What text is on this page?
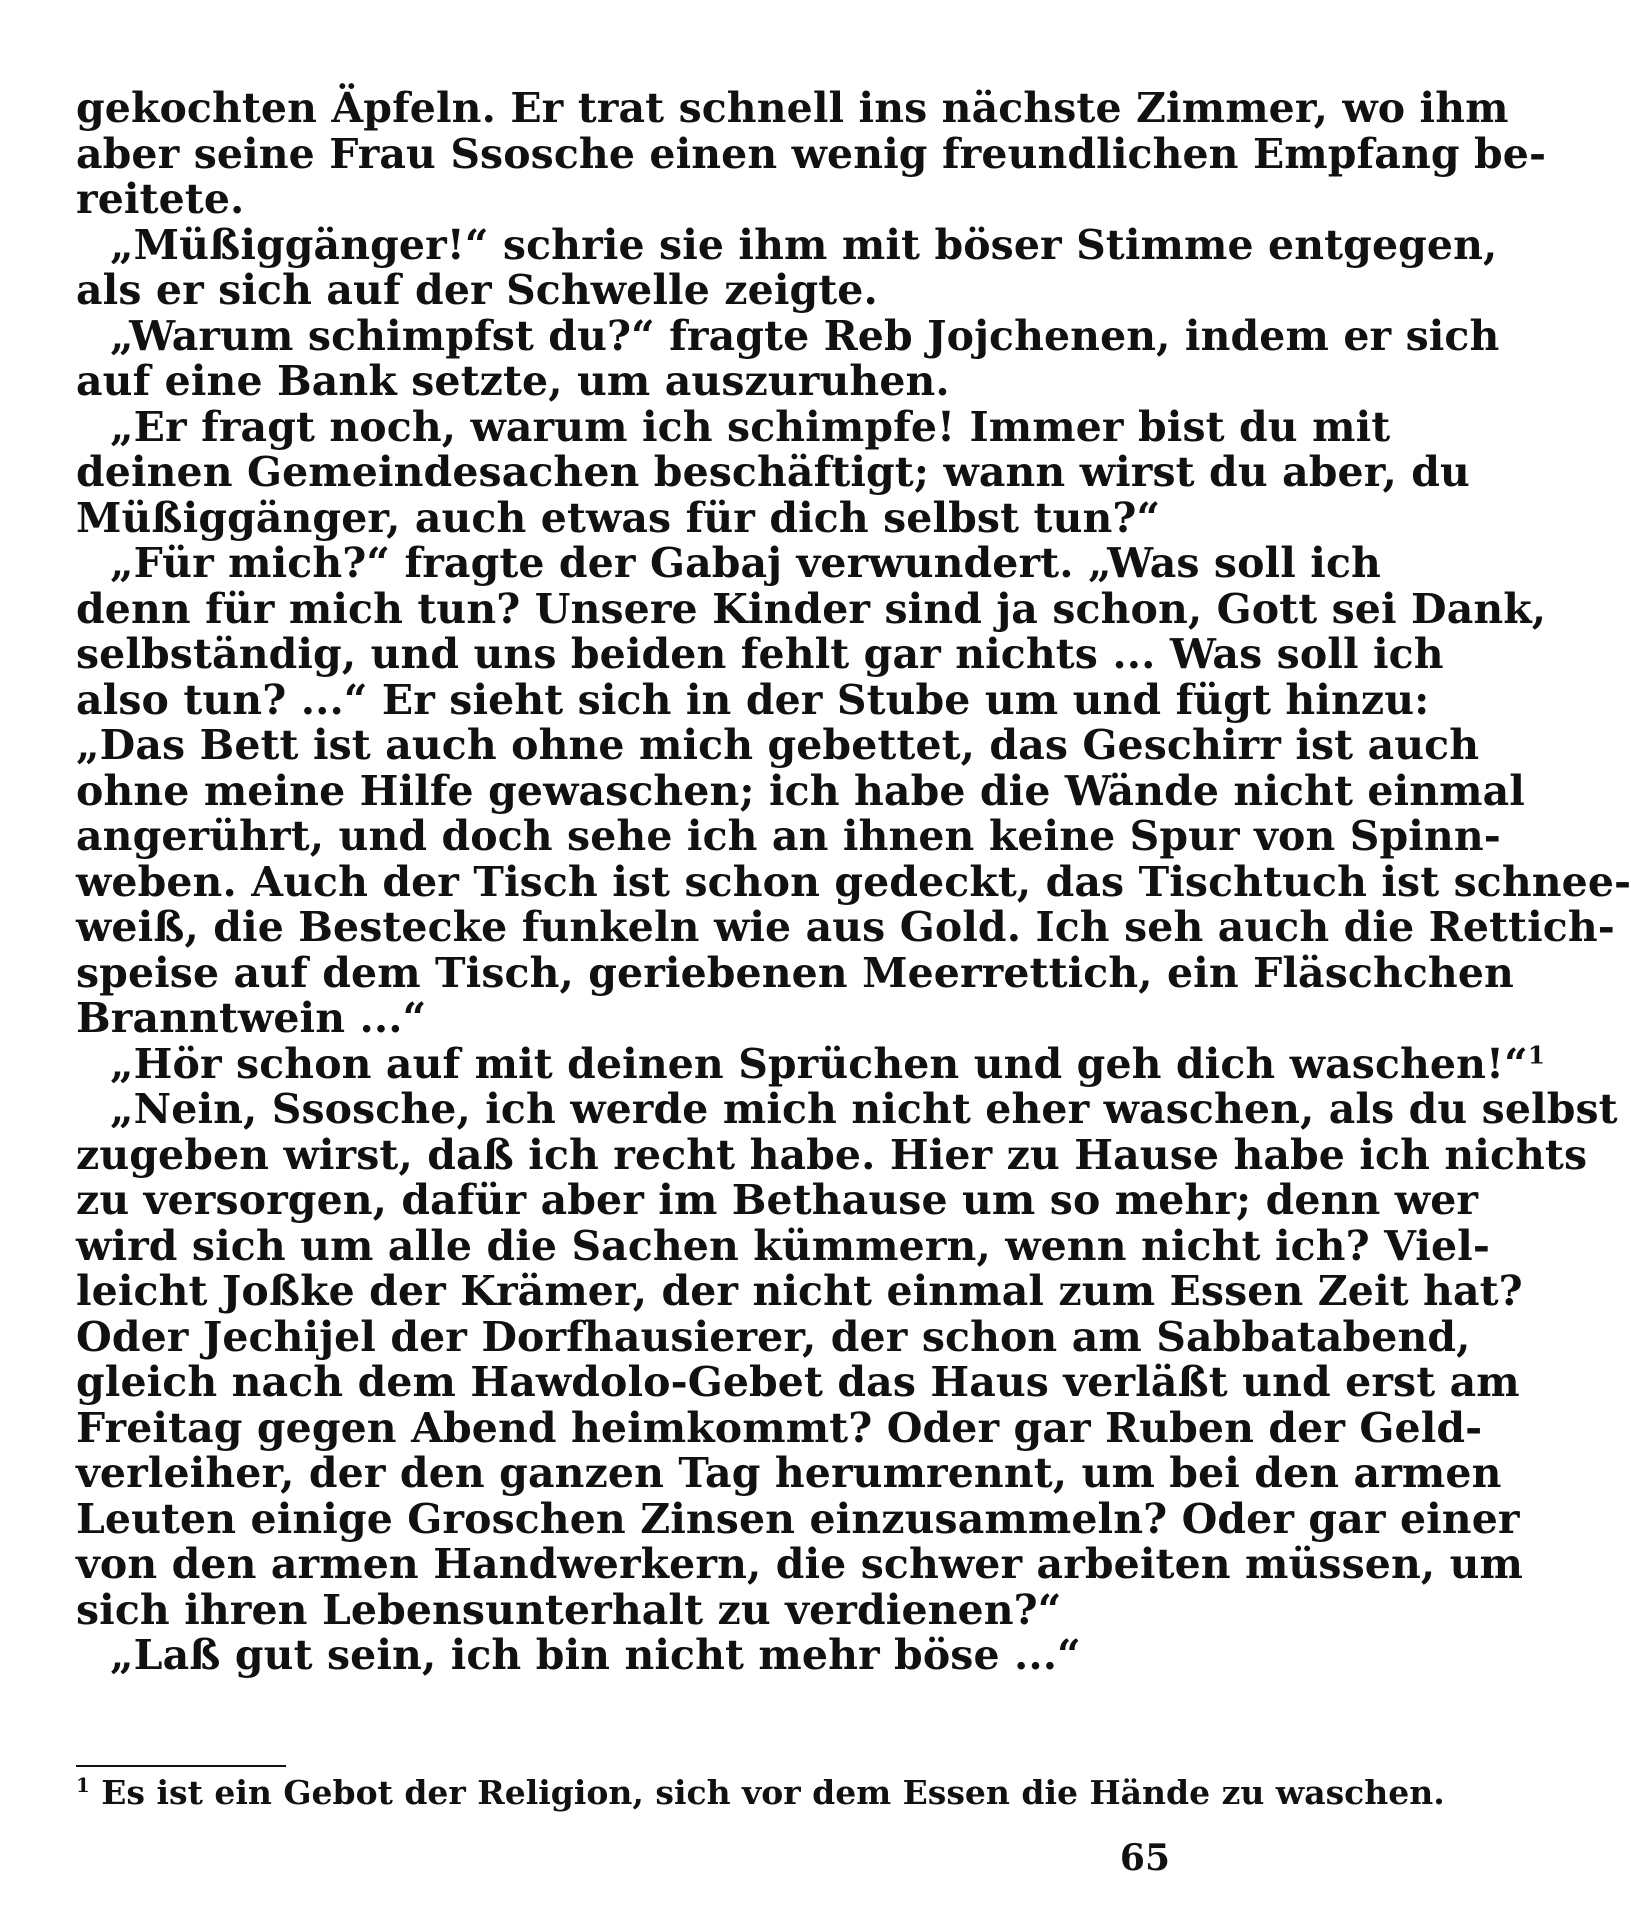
gekochten Äpfeln. Er trat schnell ins nächste Zimmer, wo ihm
aber seine Frau Ssosche einen wenig freundlichen Empfang be-
reitete.
„Müßiggänger!“ schrie sie ihm mit böser Stimme entgegen,
als er sich auf der Schwelle zeigte.
„Warum schimpfst du?“ fragte Reb Jojchenen, indem er sich
auf eine Bank setzte, um auszuruhen.
„Er fragt noch, warum ich schimpfe! Immer bist du mit
deinen Gemeindesachen beschäftigt; wann wirst du aber, du
Müßiggänger, auch etwas für dich selbst tun?“
„Für mich?“ fragte der Gabaj verwundert. „Was soll ich
denn für mich tun? Unsere Kinder sind ja schon, Gott sei Dank,
selbständig, und uns beiden fehlt gar nichts ... Was soll ich
also tun? ...“ Er sieht sich in der Stube um und fügt hinzu:
„Das Bett ist auch ohne mich gebettet, das Geschirr ist auch
ohne meine Hilfe gewaschen; ich habe die Wände nicht einmal
angerührt, und doch sehe ich an ihnen keine Spur von Spinn-
weben. Auch der Tisch ist schon gedeckt, das Tischtuch ist schnee-
weiß, die Bestecke funkeln wie aus Gold. Ich seh auch die Rettich-
speise auf dem Tisch, geriebenen Meerrettich, ein Fläschchen
Branntwein ...“
„Hör schon auf mit deinen Sprüchen und geh dich waschen!“$^1$
„Nein, Ssosche, ich werde mich nicht eher waschen, als du selbst
zugeben wirst, daß ich recht habe. Hier zu Hause habe ich nichts
zu versorgen, dafür aber im Bethause um so mehr; denn wer
wird sich um alle die Sachen kümmern, wenn nicht ich? Viel-
leicht Joßke der Krämer, der nicht einmal zum Essen Zeit hat?
Oder Jechijel der Dorfhausierer, der schon am Sabbatabend,
gleich nach dem Hawdolo-Gebet das Haus verläßt und erst am
Freitag gegen Abend heimkommt? Oder gar Ruben der Geld-
verleiher, der den ganzen Tag herumrennt, um bei den armen
Leuten einige Groschen Zinsen einzusammeln? Oder gar einer
von den armen Handwerkern, die schwer arbeiten müssen, um
sich ihren Lebensunterhalt zu verdienen?“
„Laß gut sein, ich bin nicht mehr böse ...“
$^1$ Es ist ein Gebot der Religion, sich vor dem Essen die Hände zu waschen.
65
